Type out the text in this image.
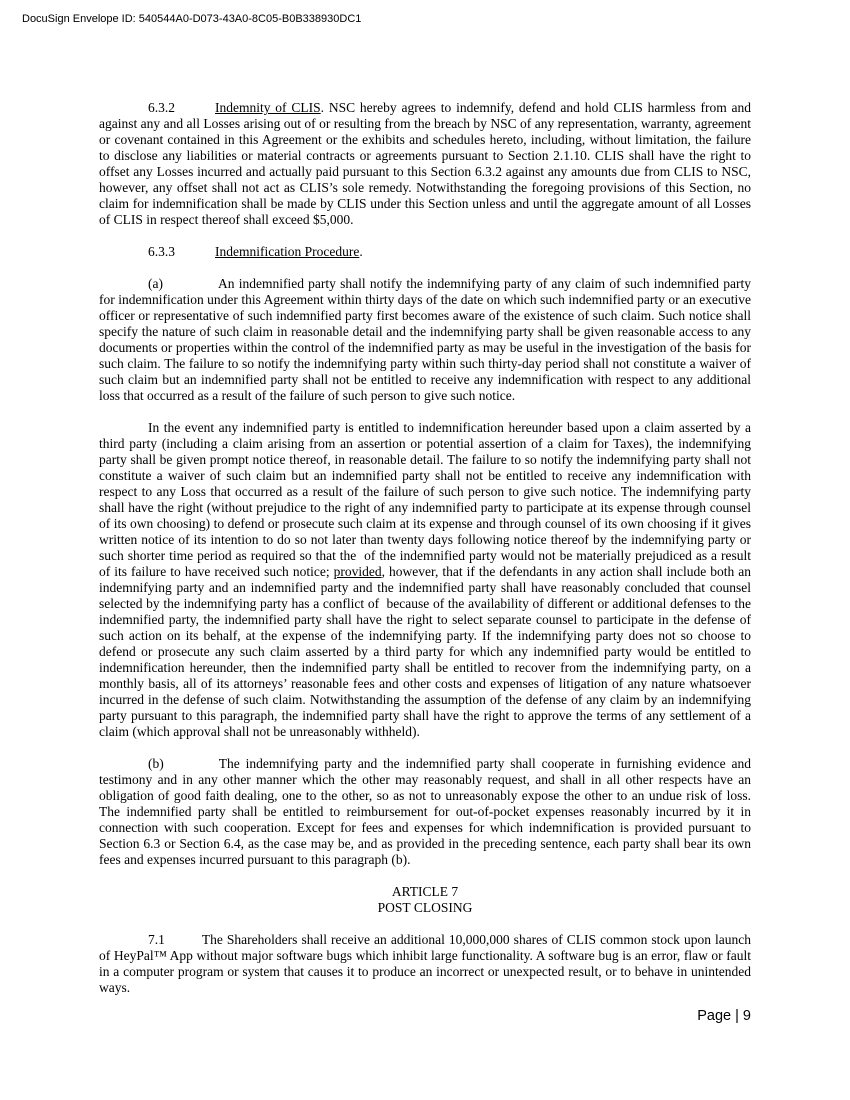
DocuSign Envelope ID: 540544A0-D073-43A0-8C05-B0B338930DC1

6.3.2	Indemnity of CLIS. NSC hereby agrees to indemnify, defend and hold CLIS harmless from and against any and all Losses arising out of or resulting from the breach by NSC of any representation, warranty, agreement or covenant contained in this Agreement or the exhibits and schedules hereto, including, without limitation, the failure to disclose any liabilities or material contracts or agreements pursuant to Section 2.1.10. CLIS shall have the right to offset any Losses incurred and actually paid pursuant to this Section 6.3.2 against any amounts due from CLIS to NSC, however, any offset shall not act as CLIS’s sole remedy. Notwithstanding the foregoing provisions of this Section, no claim for indemnification shall be made by CLIS under this Section unless and until the aggregate amount of all Losses of CLIS in respect thereof shall exceed $5,000.

6.3.3	Indemnification Procedure.

(a)	An indemnified party shall notify the indemnifying party of any claim of such indemnified party for indemnification under this Agreement within thirty days of the date on which such indemnified party or an executive officer or representative of such indemnified party first becomes aware of the existence of such claim. Such notice shall specify the nature of such claim in reasonable detail and the indemnifying party shall be given reasonable access to any documents or properties within the control of the indemnified party as may be useful in the investigation of the basis for such claim. The failure to so notify the indemnifying party within such thirty-day period shall not constitute a waiver of such claim but an indemnified party shall not be entitled to receive any indemnification with respect to any additional loss that occurred as a result of the failure of such person to give such notice.

In the event any indemnified party is entitled to indemnification hereunder based upon a claim asserted by a third party (including a claim arising from an assertion or potential assertion of a claim for Taxes), the indemnifying party shall be given prompt notice thereof, in reasonable detail. The failure to so notify the indemnifying party shall not constitute a waiver of such claim but an indemnified party shall not be entitled to receive any indemnification with respect to any Loss that occurred as a result of the failure of such person to give such notice. The indemnifying party shall have the right (without prejudice to the right of any indemnified party to participate at its expense through counsel of its own choosing) to defend or prosecute such claim at its expense and through counsel of its own choosing if it gives written notice of its intention to do so not later than twenty days following notice thereof by the indemnifying party or such shorter time period as required so that the  of the indemnified party would not be materially prejudiced as a result of its failure to have received such notice; provided, however, that if the defendants in any action shall include both an indemnifying party and an indemnified party and the indemnified party shall have reasonably concluded that counsel selected by the indemnifying party has a conflict of  because of the availability of different or additional defenses to the indemnified party, the indemnified party shall have the right to select separate counsel to participate in the defense of such action on its behalf, at the expense of the indemnifying party. If the indemnifying party does not so choose to defend or prosecute any such claim asserted by a third party for which any indemnified party would be entitled to indemnification hereunder, then the indemnified party shall be entitled to recover from the indemnifying party, on a monthly basis, all of its attorneys’ reasonable fees and other costs and expenses of litigation of any nature whatsoever incurred in the defense of such claim. Notwithstanding the assumption of the defense of any claim by an indemnifying party pursuant to this paragraph, the indemnified party shall have the right to approve the terms of any settlement of a claim (which approval shall not be unreasonably withheld).

(b)	The indemnifying party and the indemnified party shall cooperate in furnishing evidence and testimony and in any other manner which the other may reasonably request, and shall in all other respects have an obligation of good faith dealing, one to the other, so as not to unreasonably expose the other to an undue risk of loss. The indemnified party shall be entitled to reimbursement for out-of-pocket expenses reasonably incurred by it in connection with such cooperation. Except for fees and expenses for which indemnification is provided pursuant to Section 6.3 or Section 6.4, as the case may be, and as provided in the preceding sentence, each party shall bear its own fees and expenses incurred pursuant to this paragraph (b).

ARTICLE 7
POST CLOSING

7.1	The Shareholders shall receive an additional 10,000,000 shares of CLIS common stock upon launch of HeyPal™ App without major software bugs which inhibit large functionality. A software bug is an error, flaw or fault in a computer program or system that causes it to produce an incorrect or unexpected result, or to behave in unintended ways.

Page | 9
